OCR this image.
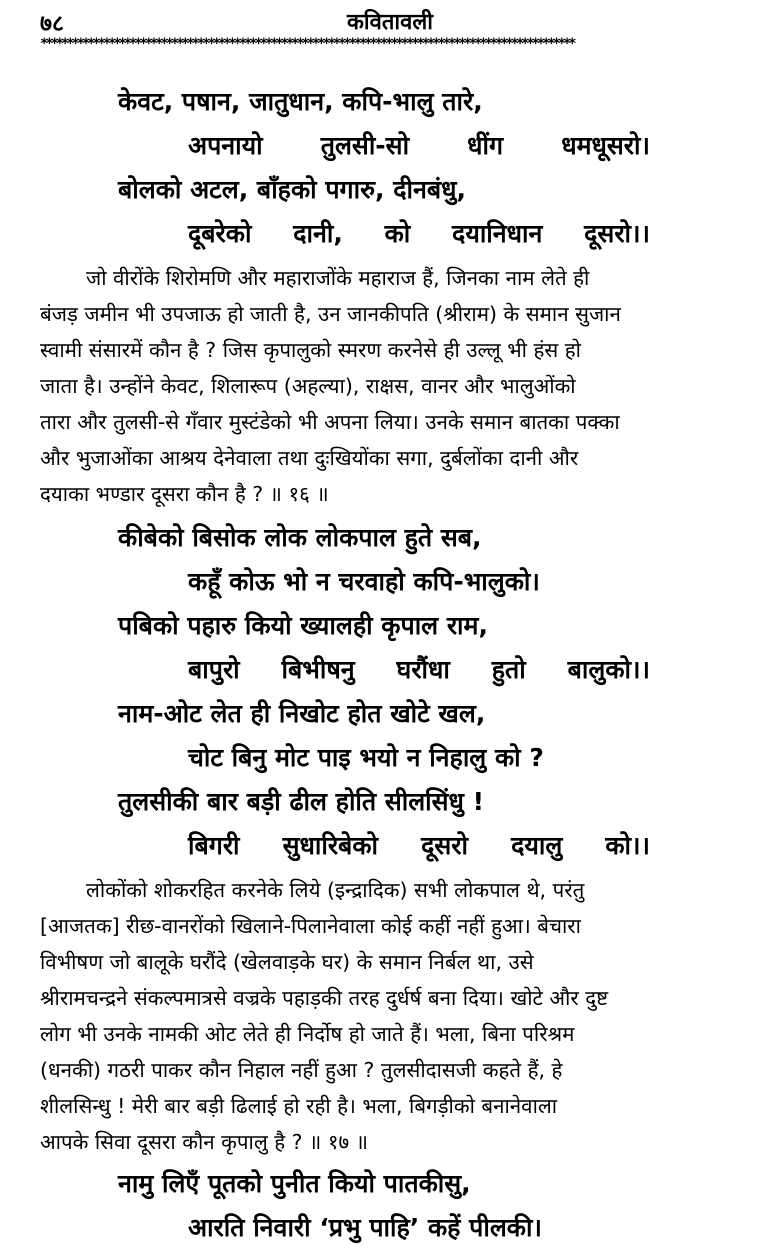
७८	कवितावली
******************************************************************************************************
केवट, पषान, जातुधान, कपि-भालु तारे,
अपनायो तुलसी-सो धींग धमधूसरो।
बोलको अटल, बाँहको पगारु, दीनबंधु,
दूबरेको दानी, को दयानिधान दूसरो।।
जो वीरोंके शिरोमणि और महाराजोंके महाराज हैं, जिनका नाम लेते ही
बंजड़ जमीन भी उपजाऊ हो जाती है, उन जानकीपति (श्रीराम) के समान सुजान
स्वामी संसारमें कौन है ? जिस कृपालुको स्मरण करनेसे ही उल्लू भी हंस हो
जाता है। उन्होंने केवट, शिलारूप (अहल्या), राक्षस, वानर और भालुओंको
तारा और तुलसी-से गँवार मुस्टंडेको भी अपना लिया। उनके समान बातका पक्का
और भुजाओंका आश्रय देनेवाला तथा दुःखियोंका सगा, दुर्बलोंका दानी और
दयाका भण्डार दूसरा कौन है ? ॥ १६ ॥
कीबेको बिसोक लोक लोकपाल हुते सब,
कहूँ कोऊ भो न चरवाहो कपि-भालुको।
पबिको पहारु कियो ख्यालही कृपाल राम,
बापुरो बिभीषनु घरौंधा हुतो बालुको।।
नाम-ओट लेत ही निखोट होत खोटे खल,
चोट बिनु मोट पाइ भयो न निहालु को ?
तुलसीकी बार बड़ी ढील होति सीलसिंधु !
बिगरी सुधारिबेको दूसरो दयालु को।।
लोकोंको शोकरहित करनेके लिये (इन्द्रादिक) सभी लोकपाल थे, परंतु
[आजतक] रीछ-वानरोंको खिलाने-पिलानेवाला कोई कहीं नहीं हुआ। बेचारा
विभीषण जो बालूके घरौंदे (खेलवाड़के घर) के समान निर्बल था, उसे
श्रीरामचन्द्रने संकल्पमात्रसे वज्रके पहाड़की तरह दुर्धर्ष बना दिया। खोटे और दुष्ट
लोग भी उनके नामकी ओट लेते ही निर्दोष हो जाते हैं। भला, बिना परिश्रम
(धनकी) गठरी पाकर कौन निहाल नहीं हुआ ? तुलसीदासजी कहते हैं, हे
शीलसिन्धु ! मेरी बार बड़ी ढिलाई हो रही है। भला, बिगड़ीको बनानेवाला
आपके सिवा दूसरा कौन कृपालु है ? ॥ १७ ॥
नामु लिएँ पूतको पुनीत कियो पातकीसु,
आरति निवारी ‘प्रभु पाहि’ कहें पीलकी।
